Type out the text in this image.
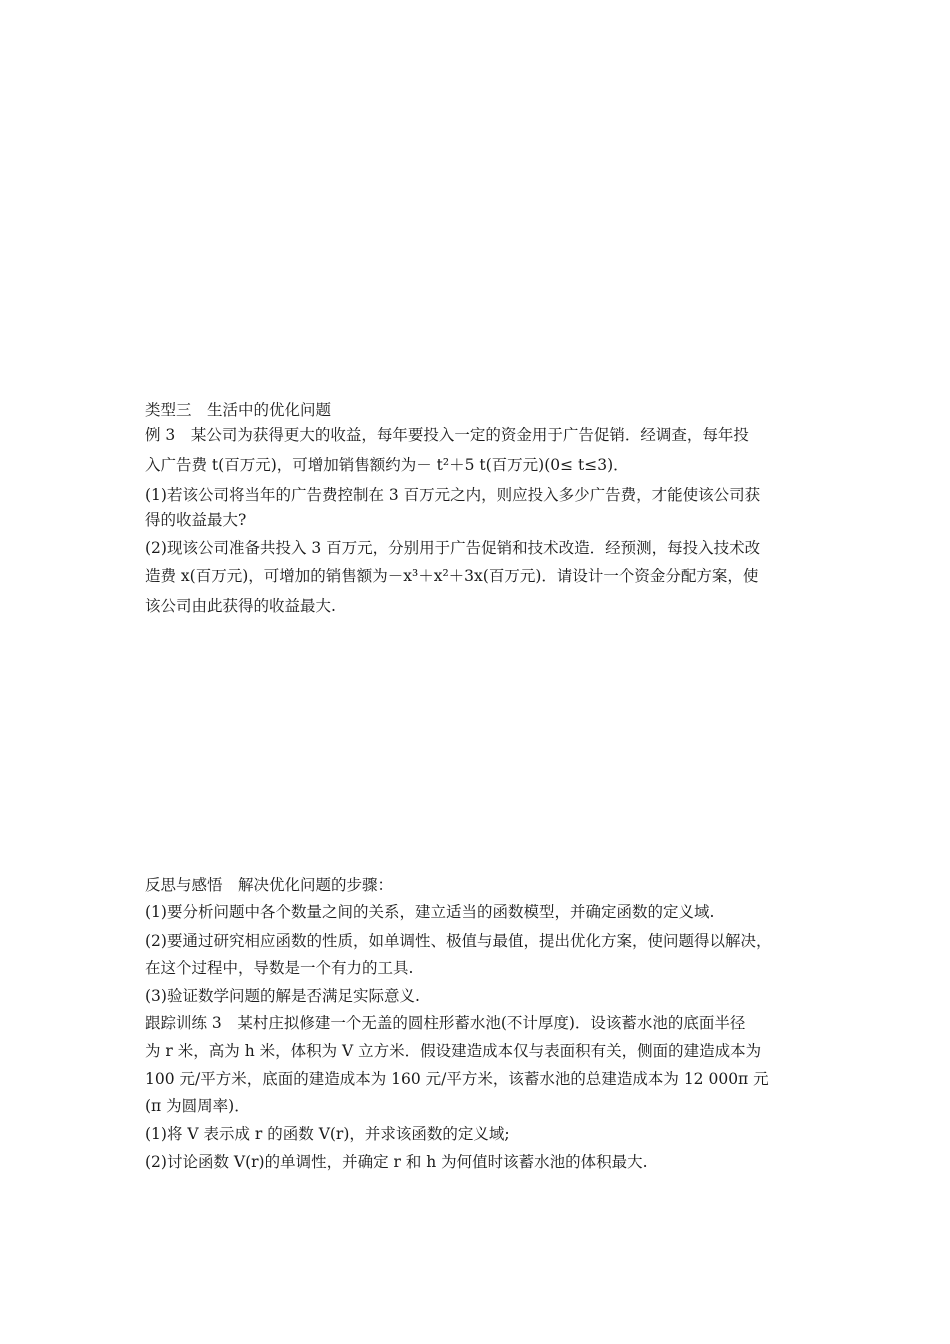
类型三　生活中的优化问题
例 3　 某公司为获得更大的收益，每年要投入一定的资金用于广告促销．经调查，每年投
入广告费 t(百万元)，可增加销售额约为－ t²＋5 t(百万元)(0≤ t≤3)．
(1)若该公司将当年的广告费控制在 3 百万元之内，则应投入多少广告费，才能使该公司获
得的收益最大?
(2)现该公司准备共投入 3 百万元，分别用于广告促销和技术改造．经预测，每投入技术改
造费 x(百万元)，可增加的销售额为－x³＋x²＋3x(百万元)．请设计一个资金分配方案，使
该公司由此获得的收益最大.
反思与感悟　解决优化问题的步骤：
(1)要分析问题中各个数量之间的关系，建立适当的函数模型，并确定函数的定义域.
(2)要通过研究相应函数的性质，如单调性、极值与最值，提出优化方案，使问题得以解决，
在这个过程中，导数是一个有力的工具.
(3)验证数学问题的解是否满足实际意义.
跟踪训练 3　 某村庄拟修建一个无盖的圆柱形蓄水池(不计厚度)．设该蓄水池的底面半径
为 r 米，高为 h 米，体积为 V 立方米．假设建造成本仅与表面积有关，侧面的建造成本为
100 元/平方米，底面的建造成本为 160 元/平方米，该蓄水池的总建造成本为 12 000π 元
(π 为圆周率)．
(1)将 V 表示成 r 的函数 V(r)，并求该函数的定义域;
(2)讨论函数 V(r)的单调性，并确定 r 和 h 为何值时该蓄水池的体积最大.
